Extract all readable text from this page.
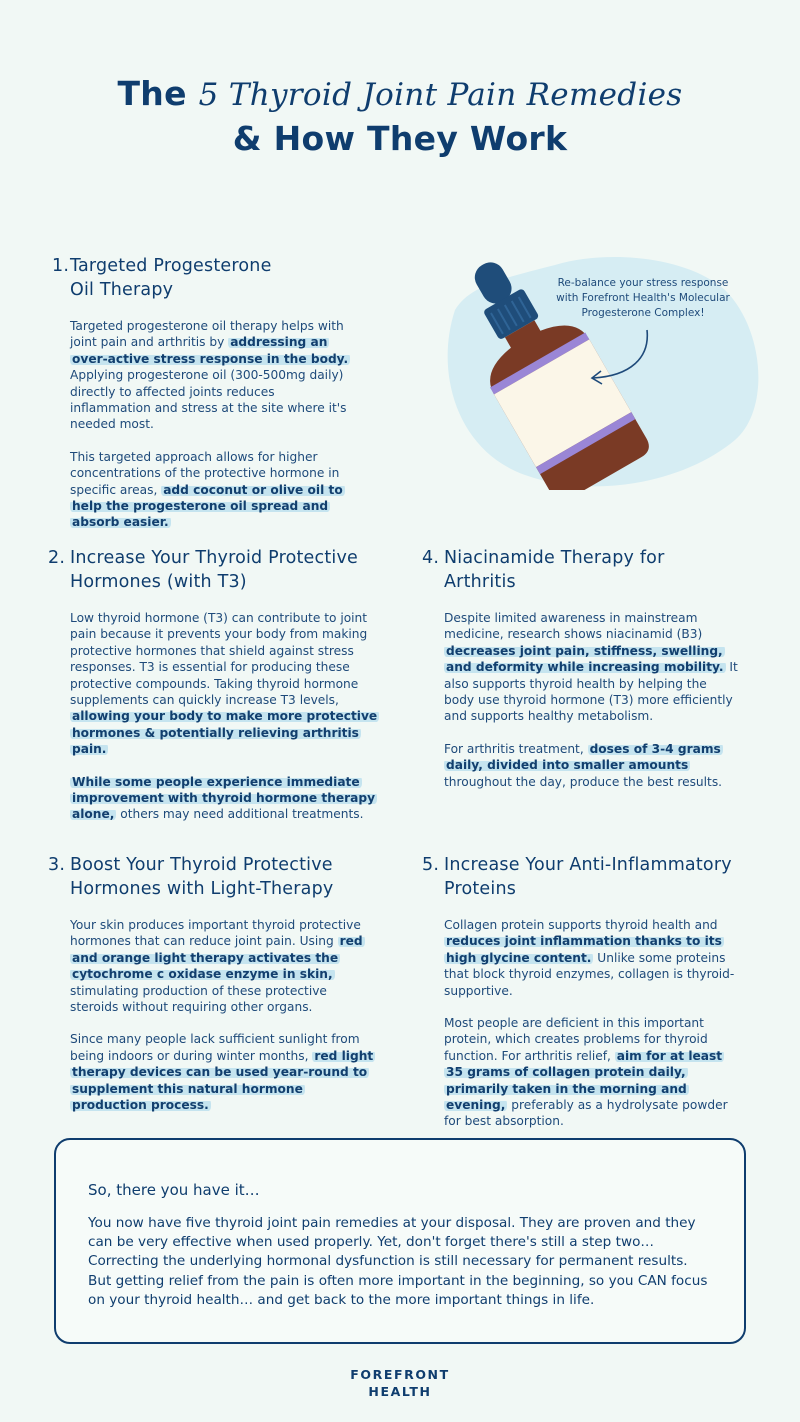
The 5 Thyroid Joint Pain Remedies
& How They Work
1. Targeted Progesterone Oil Therapy

Targeted progesterone oil therapy helps with joint pain and arthritis by addressing an over-active stress response in the body. Applying progesterone oil (300-500mg daily) directly to affected joints reduces inflammation and stress at the site where it's needed most.

This targeted approach allows for higher concentrations of the protective hormone in specific areas, add coconut or olive oil to help the progesterone oil spread and absorb easier.

Re-balance your stress response with Forefront Health's Molecular Progesterone Complex!
2. Increase Your Thyroid Protective Hormones (with T3)

Low thyroid hormone (T3) can contribute to joint pain because it prevents your body from making protective hormones that shield against stress responses. T3 is essential for producing these protective compounds. Taking thyroid hormone supplements can quickly increase T3 levels, allowing your body to make more protective hormones & potentially relieving arthritis pain.

While some people experience immediate improvement with thyroid hormone therapy alone, others may need additional treatments.

4. Niacinamide Therapy for Arthritis

Despite limited awareness in mainstream medicine, research shows niacinamid (B3) decreases joint pain, stiffness, swelling, and deformity while increasing mobility. It also supports thyroid health by helping the body use thyroid hormone (T3) more efficiently and supports healthy metabolism.

For arthritis treatment, doses of 3-4 grams daily, divided into smaller amounts throughout the day, produce the best results.

3. Boost Your Thyroid Protective Hormones with Light-Therapy

Your skin produces important thyroid protective hormones that can reduce joint pain. Using red and orange light therapy activates the cytochrome c oxidase enzyme in skin, stimulating production of these protective steroids without requiring other organs.

Since many people lack sufficient sunlight from being indoors or during winter months, red light therapy devices can be used year-round to supplement this natural hormone production process.

5. Increase Your Anti-Inflammatory Proteins

Collagen protein supports thyroid health and reduces joint inflammation thanks to its high glycine content. Unlike some proteins that block thyroid enzymes, collagen is thyroid-supportive.

Most people are deficient in this important protein, which creates problems for thyroid function. For arthritis relief, aim for at least 35 grams of collagen protein daily, primarily taken in the morning and evening, preferably as a hydrolysate powder for best absorption.

So, there you have it…

You now have five thyroid joint pain remedies at your disposal. They are proven and they can be very effective when used properly. Yet, don't forget there's still a step two… Correcting the underlying hormonal dysfunction is still necessary for permanent results. But getting relief from the pain is often more important in the beginning, so you CAN focus on your thyroid health… and get back to the more important things in life.

FOREFRONT
HEALTH
